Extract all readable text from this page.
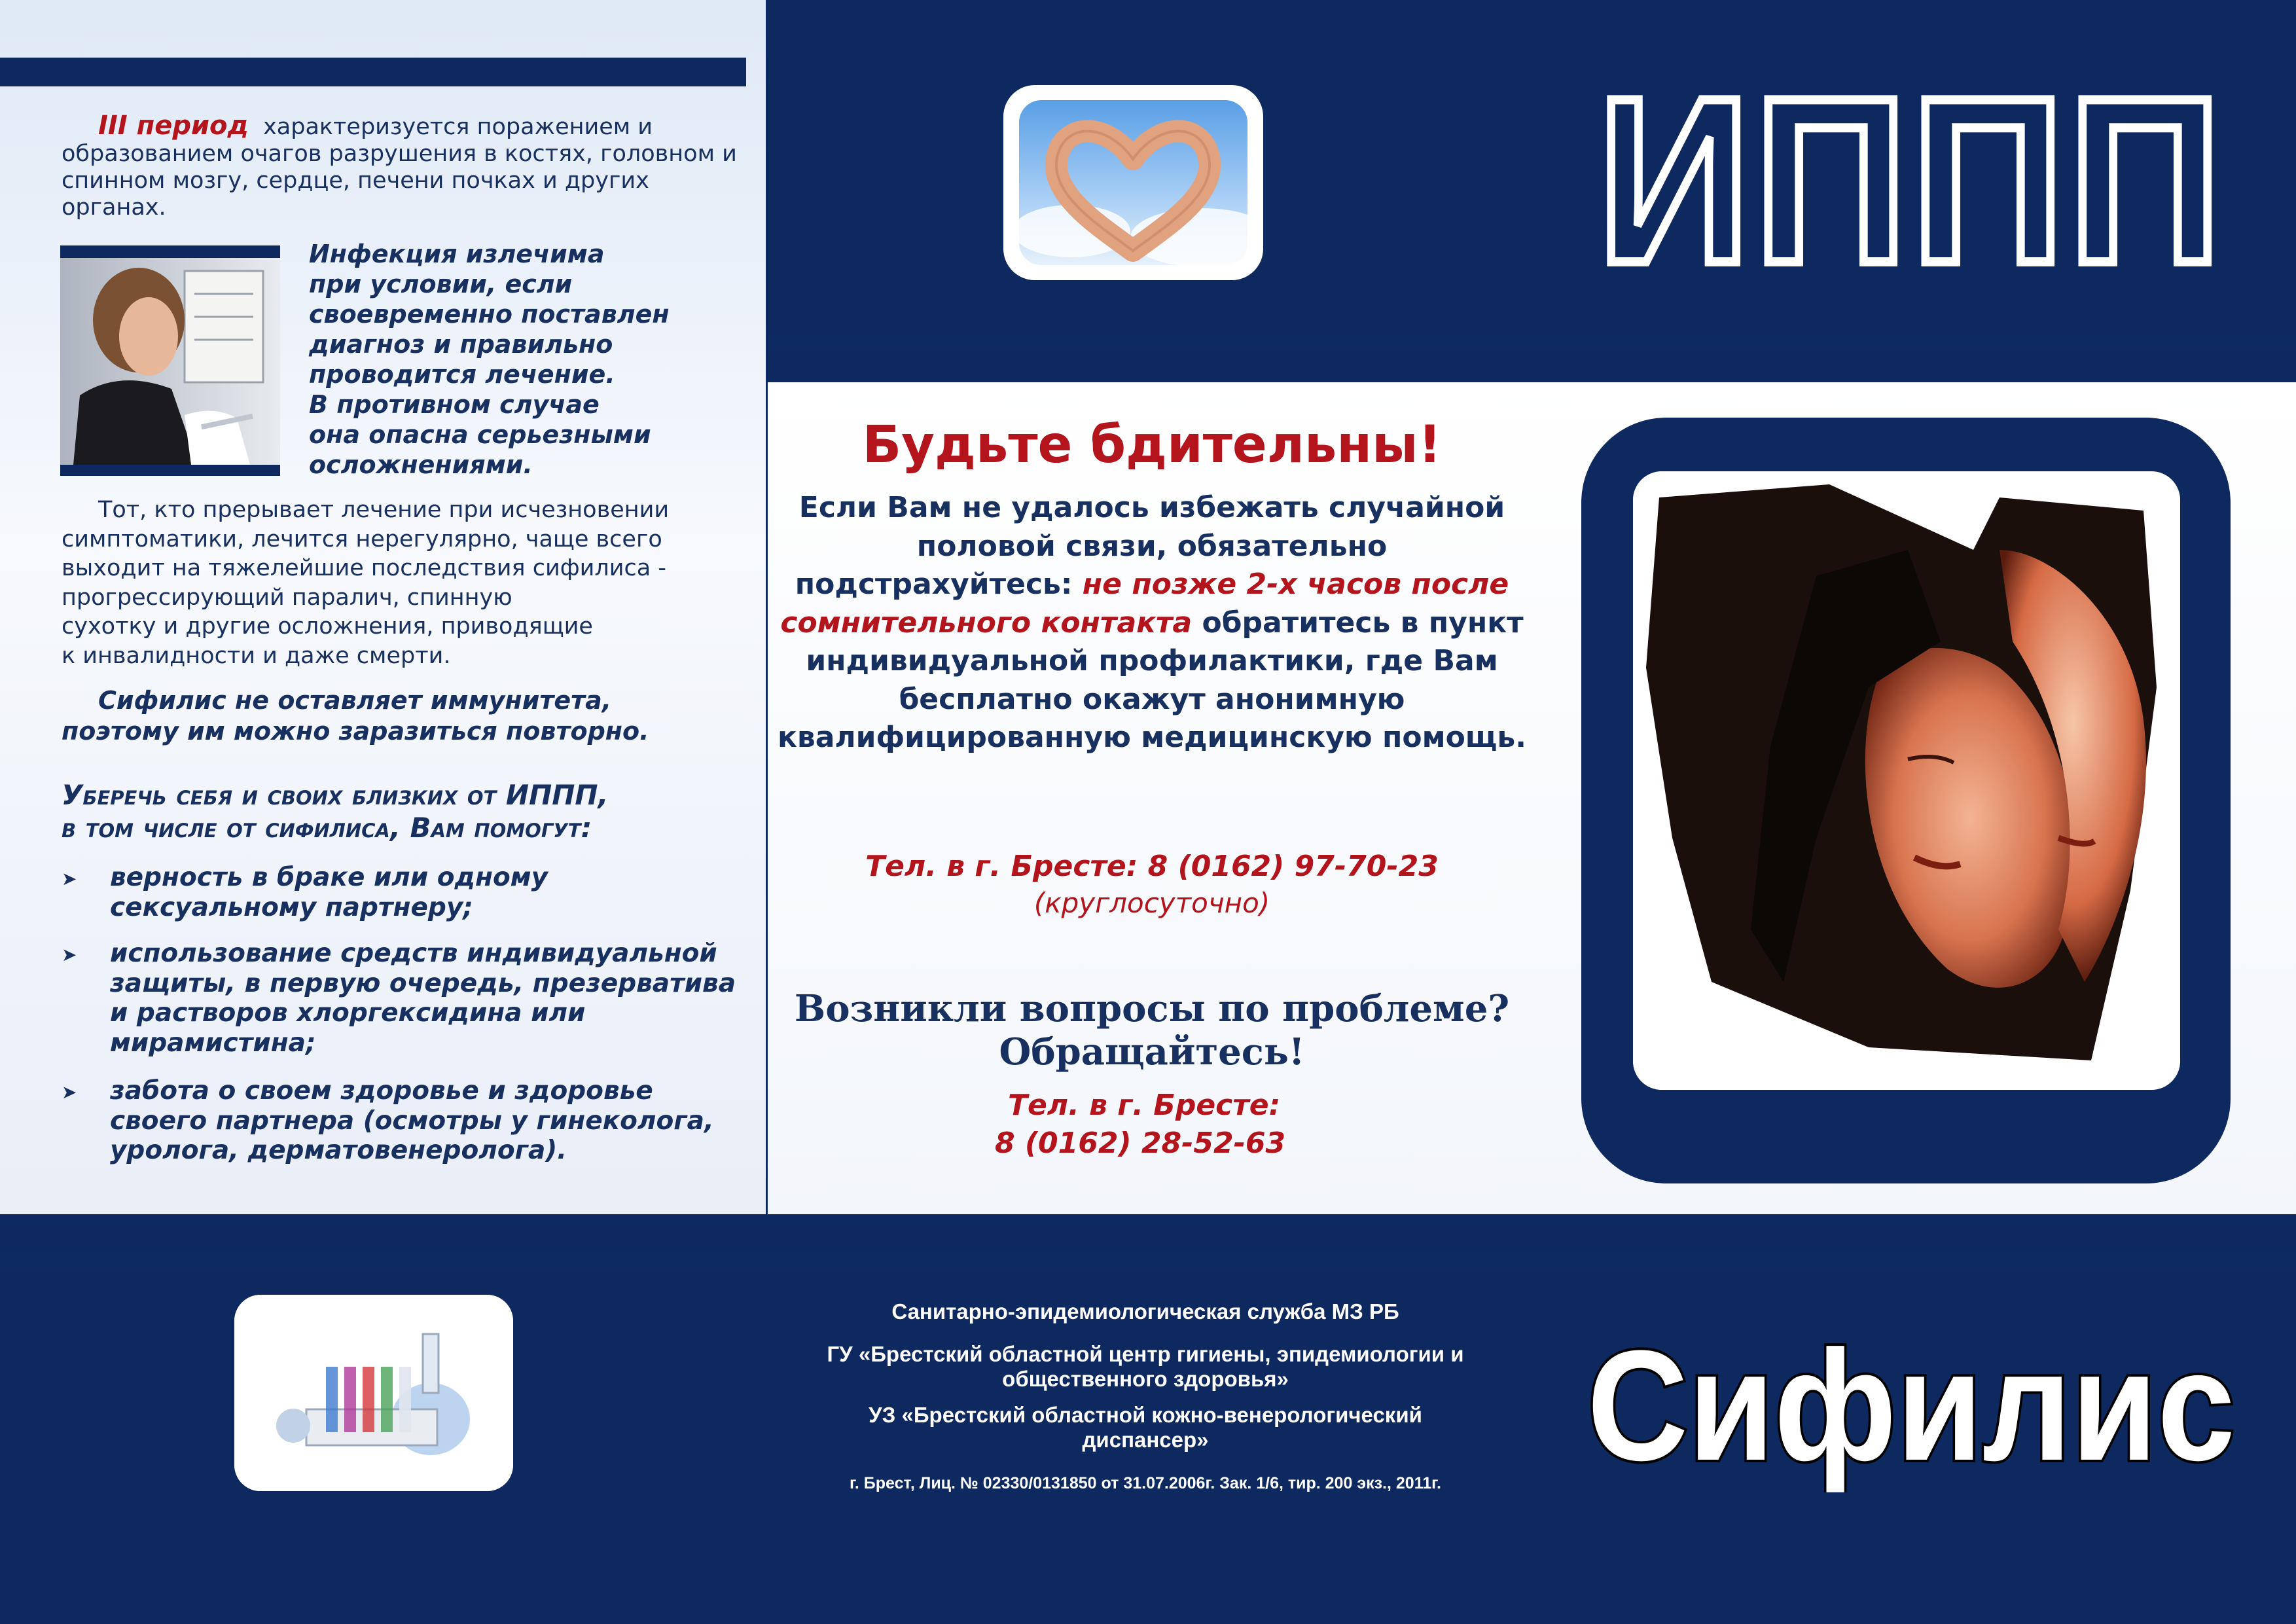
III период характеризуется поражением и образованием очагов разрушения в костях, головном и спинном мозгу, сердце, печени почках и других органах.
Инфекция излечима
при условии, если
своевременно поставлен
диагноз и правильно
проводится лечение.
В противном случае
она опасна серьезными
осложнениями.
Тот, кто прерывает лечение при исчезновении
симптоматики, лечится нерегулярно, чаще всего
выходит на тяжелейшие последствия сифилиса -
прогрессирующий паралич, спинную
сухотку и другие осложнения, приводящие
к инвалидности и даже смерти.
Сифилис не оставляет иммунитета,
поэтому им можно заразиться повторно.
Уберечь себя и своих близких от ИППП,
в том числе от сифилиса, Вам помогут:
➤ верность в браке или одному сексуальному партнеру;
➤ использование средств индивидуальной защиты, в первую очередь, презерватива и растворов хлоргексидина или мирамистина;
➤ забота о своем здоровье и здоровье своего партнера (осмотры у гинеколога, уролога, дерматовенеролога).
ИППП
Будьте бдительны!
Если Вам не удалось избежать случайной половой связи, обязательно подстрахуйтесь: не позже 2-х часов после сомнительного контакта обратитесь в пункт индивидуальной профилактики, где Вам бесплатно окажут анонимную квалифицированную медицинскую помощь.
Тел. в г. Бресте: 8 (0162) 97-70-23
(круглосуточно)
Возникли вопросы по проблеме? Обращайтесь!
Тел. в г. Бресте:
8 (0162) 28-52-63
Санитарно-эпидемиологическая служба МЗ РБ
ГУ «Брестский областной центр гигиены, эпидемиологии и общественного здоровья»
УЗ «Брестский областной кожно-венерологический диспансер»
г. Брест, Лиц. № 02330/0131850 от 31.07.2006г. Зак. 1/6, тир. 200 экз., 2011г. Сифилис
